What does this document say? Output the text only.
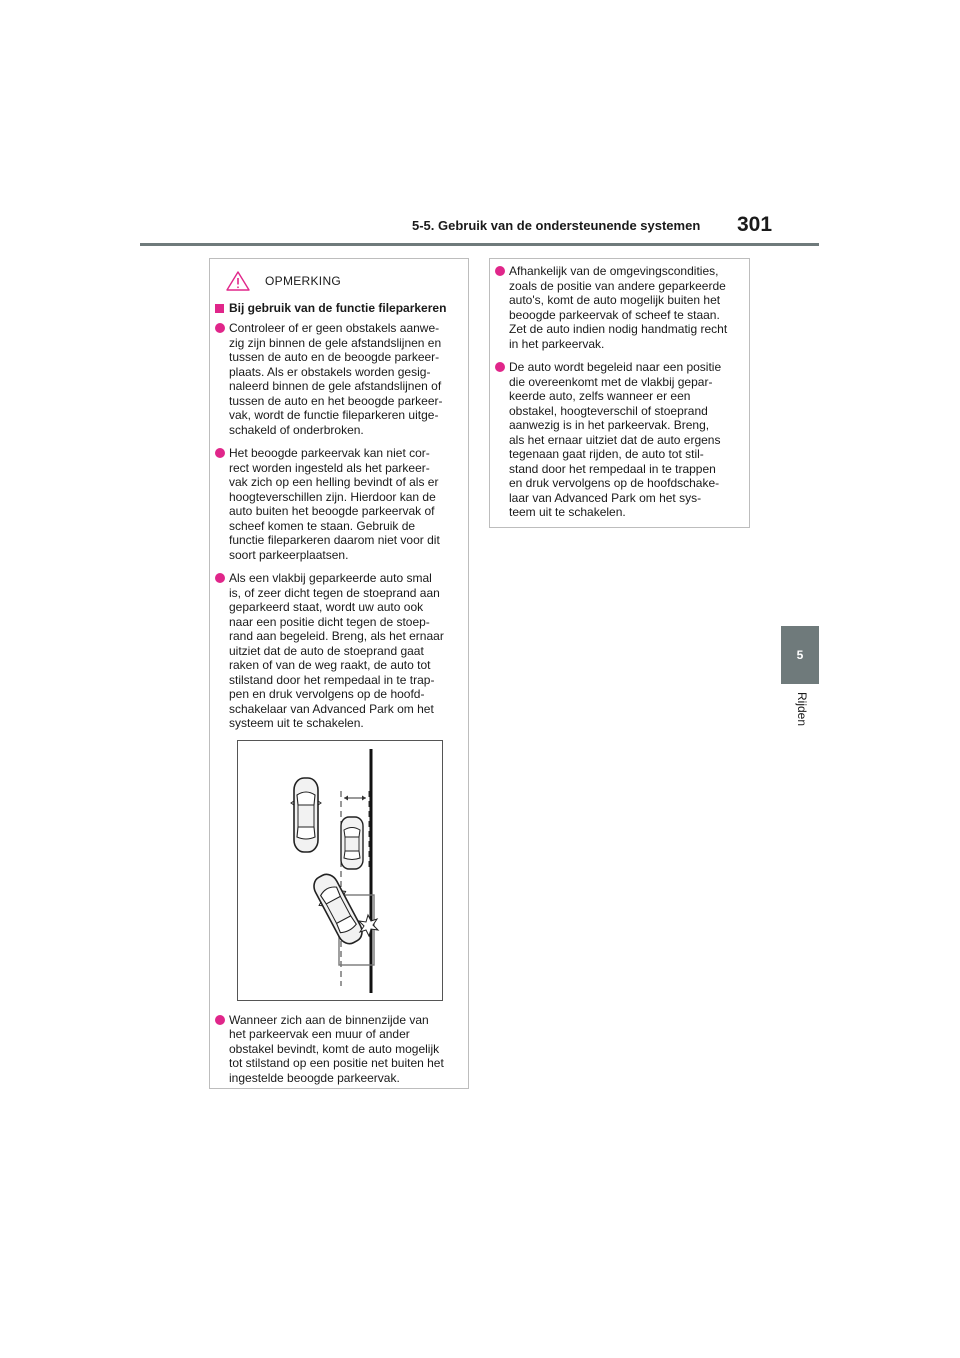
5-5. Gebruik van de ondersteunende systemen 301
5
Rijden
OPMERKING
Bij gebruik van de functie fileparkeren
Controleer of er geen obstakels aanwe-
zig zijn binnen de gele afstandslijnen en
tussen de auto en de beoogde parkeer-
plaats. Als er obstakels worden gesig-
naleerd binnen de gele afstandslijnen of
tussen de auto en het beoogde parkeer-
vak, wordt de functie fileparkeren uitge-
schakeld of onderbroken.
Het beoogde parkeervak kan niet cor-
rect worden ingesteld als het parkeer-
vak zich op een helling bevindt of als er
hoogteverschillen zijn. Hierdoor kan de
auto buiten het beoogde parkeervak of
scheef komen te staan. Gebruik de
functie fileparkeren daarom niet voor dit
soort parkeerplaatsen.
Als een vlakbij geparkeerde auto smal
is, of zeer dicht tegen de stoeprand aan
geparkeerd staat, wordt uw auto ook
naar een positie dicht tegen de stoep-
rand aan begeleid. Breng, als het ernaar
uitziet dat de auto de stoeprand gaat
raken of van de weg raakt, de auto tot
stilstand door het rempedaal in te trap-
pen en druk vervolgens op de hoofd-
schakelaar van Advanced Park om het
systeem uit te schakelen.
Wanneer zich aan de binnenzijde van
het parkeervak een muur of ander
obstakel bevindt, komt de auto mogelijk
tot stilstand op een positie net buiten het
ingestelde beoogde parkeervak.
Afhankelijk van de omgevingscondities,
zoals de positie van andere geparkeerde
auto's, komt de auto mogelijk buiten het
beoogde parkeervak of scheef te staan.
Zet de auto indien nodig handmatig recht
in het parkeervak.
De auto wordt begeleid naar een positie
die overeenkomt met de vlakbij gepar-
keerde auto, zelfs wanneer er een
obstakel, hoogteverschil of stoeprand
aanwezig is in het parkeervak. Breng,
als het ernaar uitziet dat de auto ergens
tegenaan gaat rijden, de auto tot stil-
stand door het rempedaal in te trappen
en druk vervolgens op de hoofdschake-
laar van Advanced Park om het sys-
teem uit te schakelen.
